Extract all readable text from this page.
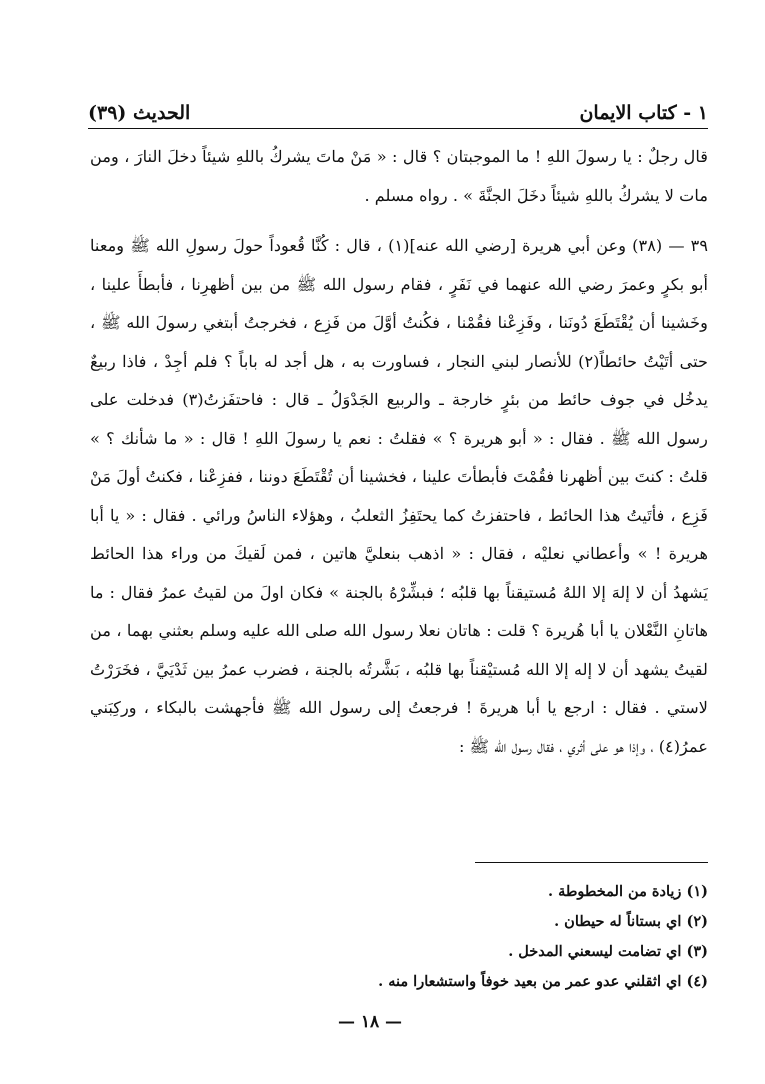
١ - كتاب الايمان
الحديث (٣٩)

قال رجلٌ : يا رسولَ اللهِ ! ما الموجبتان ؟ قال : « مَنْ ماتَ يشركُ باللهِ شيئاً دخلَ النارَ ، ومن مات لا يشركُ باللهِ شيئاً دخَلَ الجنَّةَ » . رواه مسلم .

٣٩ — (٣٨) وعن أبي هريرة [رضي الله عنه](١) ، قال : كُنَّا قُعوداً حولَ رسولِ الله ﷺ ومعنا أبو بكرٍ وعمرَ رضي الله عنهما في نَفَرٍ ، فقام رسول الله ﷺ من بين أظهرِنا ، فأبطأَ علينا ، وخَشينا أن يُقْتَطَعَ دُونَنا ، وفَزِعْنا فقُمْنا ، فكُنتُ أوَّلَ من فَزِع ، فخرجتُ أبتغي رسولَ الله ﷺ ، حتى أتَيْتُ حائطاً(٢) للأنصار لبني النجار ، فساورت به ، هل أجد له باباً ؟ فلم أجِدْ ، فاذا ربيعٌ يدخُل في جوف حائط من بئرٍ خارجة ـ والربيع الجَدْوَلُ ـ قال : فاحتفَزتُ(٣) فدخلت على رسول الله ﷺ . فقال : « أبو هريرة ؟ » فقلتُ : نعم يا رسولَ اللهِ ! قال : « ما شأنك ؟ » قلتُ : كنتَ بين أظهرنا فقُمْتَ فأبطأتَ علينا ، فخشينا أن تُقْتَطَعَ دوننا ، ففزِعْنا ، فكنتُ أولَ مَنْ فَزِع ، فأتَيتُ هذا الحائط ، فاحتفزتُ كما يحتَفِزُ الثعلبُ ، وهؤلاء الناسُ ورائي . فقال : « يا أبا هريرة ! » وأعطاني نعليْه ، فقال : « اذهب بنعليَّ هاتين ، فمن لَقيكَ من وراء هذا الحائط يَشهدُ أن لا إلهَ إلا اللهُ مُستيقناً بها قلبُه ؛ فبشِّرْهُ بالجنة » فكان اولَ من لقيتُ عمرُ فقال : ما هاتانِ النَّعْلان يا أبا هُريرة ؟ قلت : هاتان نعلا رسول الله صلى الله عليه وسلم بعثني بهما ، من لقيتُ يشهد أن لا إله إلا الله مُستيْقناً بها قلبُه ، بَشَّرتُه بالجنة ، فضرب عمرُ بين ثَدْيَيَّ ، فخَرَرْتُ لاستي . فقال : ارجع يا أبا هريرةَ ! فرجعتُ إلى رسول الله ﷺ فأجهشت بالبكاء ، وركِبَني عمرُ(٤) ، وإذا هو على أثري ، فقال رسول الله ﷺ :

(١) زيادة من المخطوطة .
(٢) اي بستاناً له حيطان .
(٣) اي تضامت ليسعني المدخل .
(٤) اي اثقلني عدو عمر من بعيد خوفاً واستشعارا منه .
— ١٨ —
